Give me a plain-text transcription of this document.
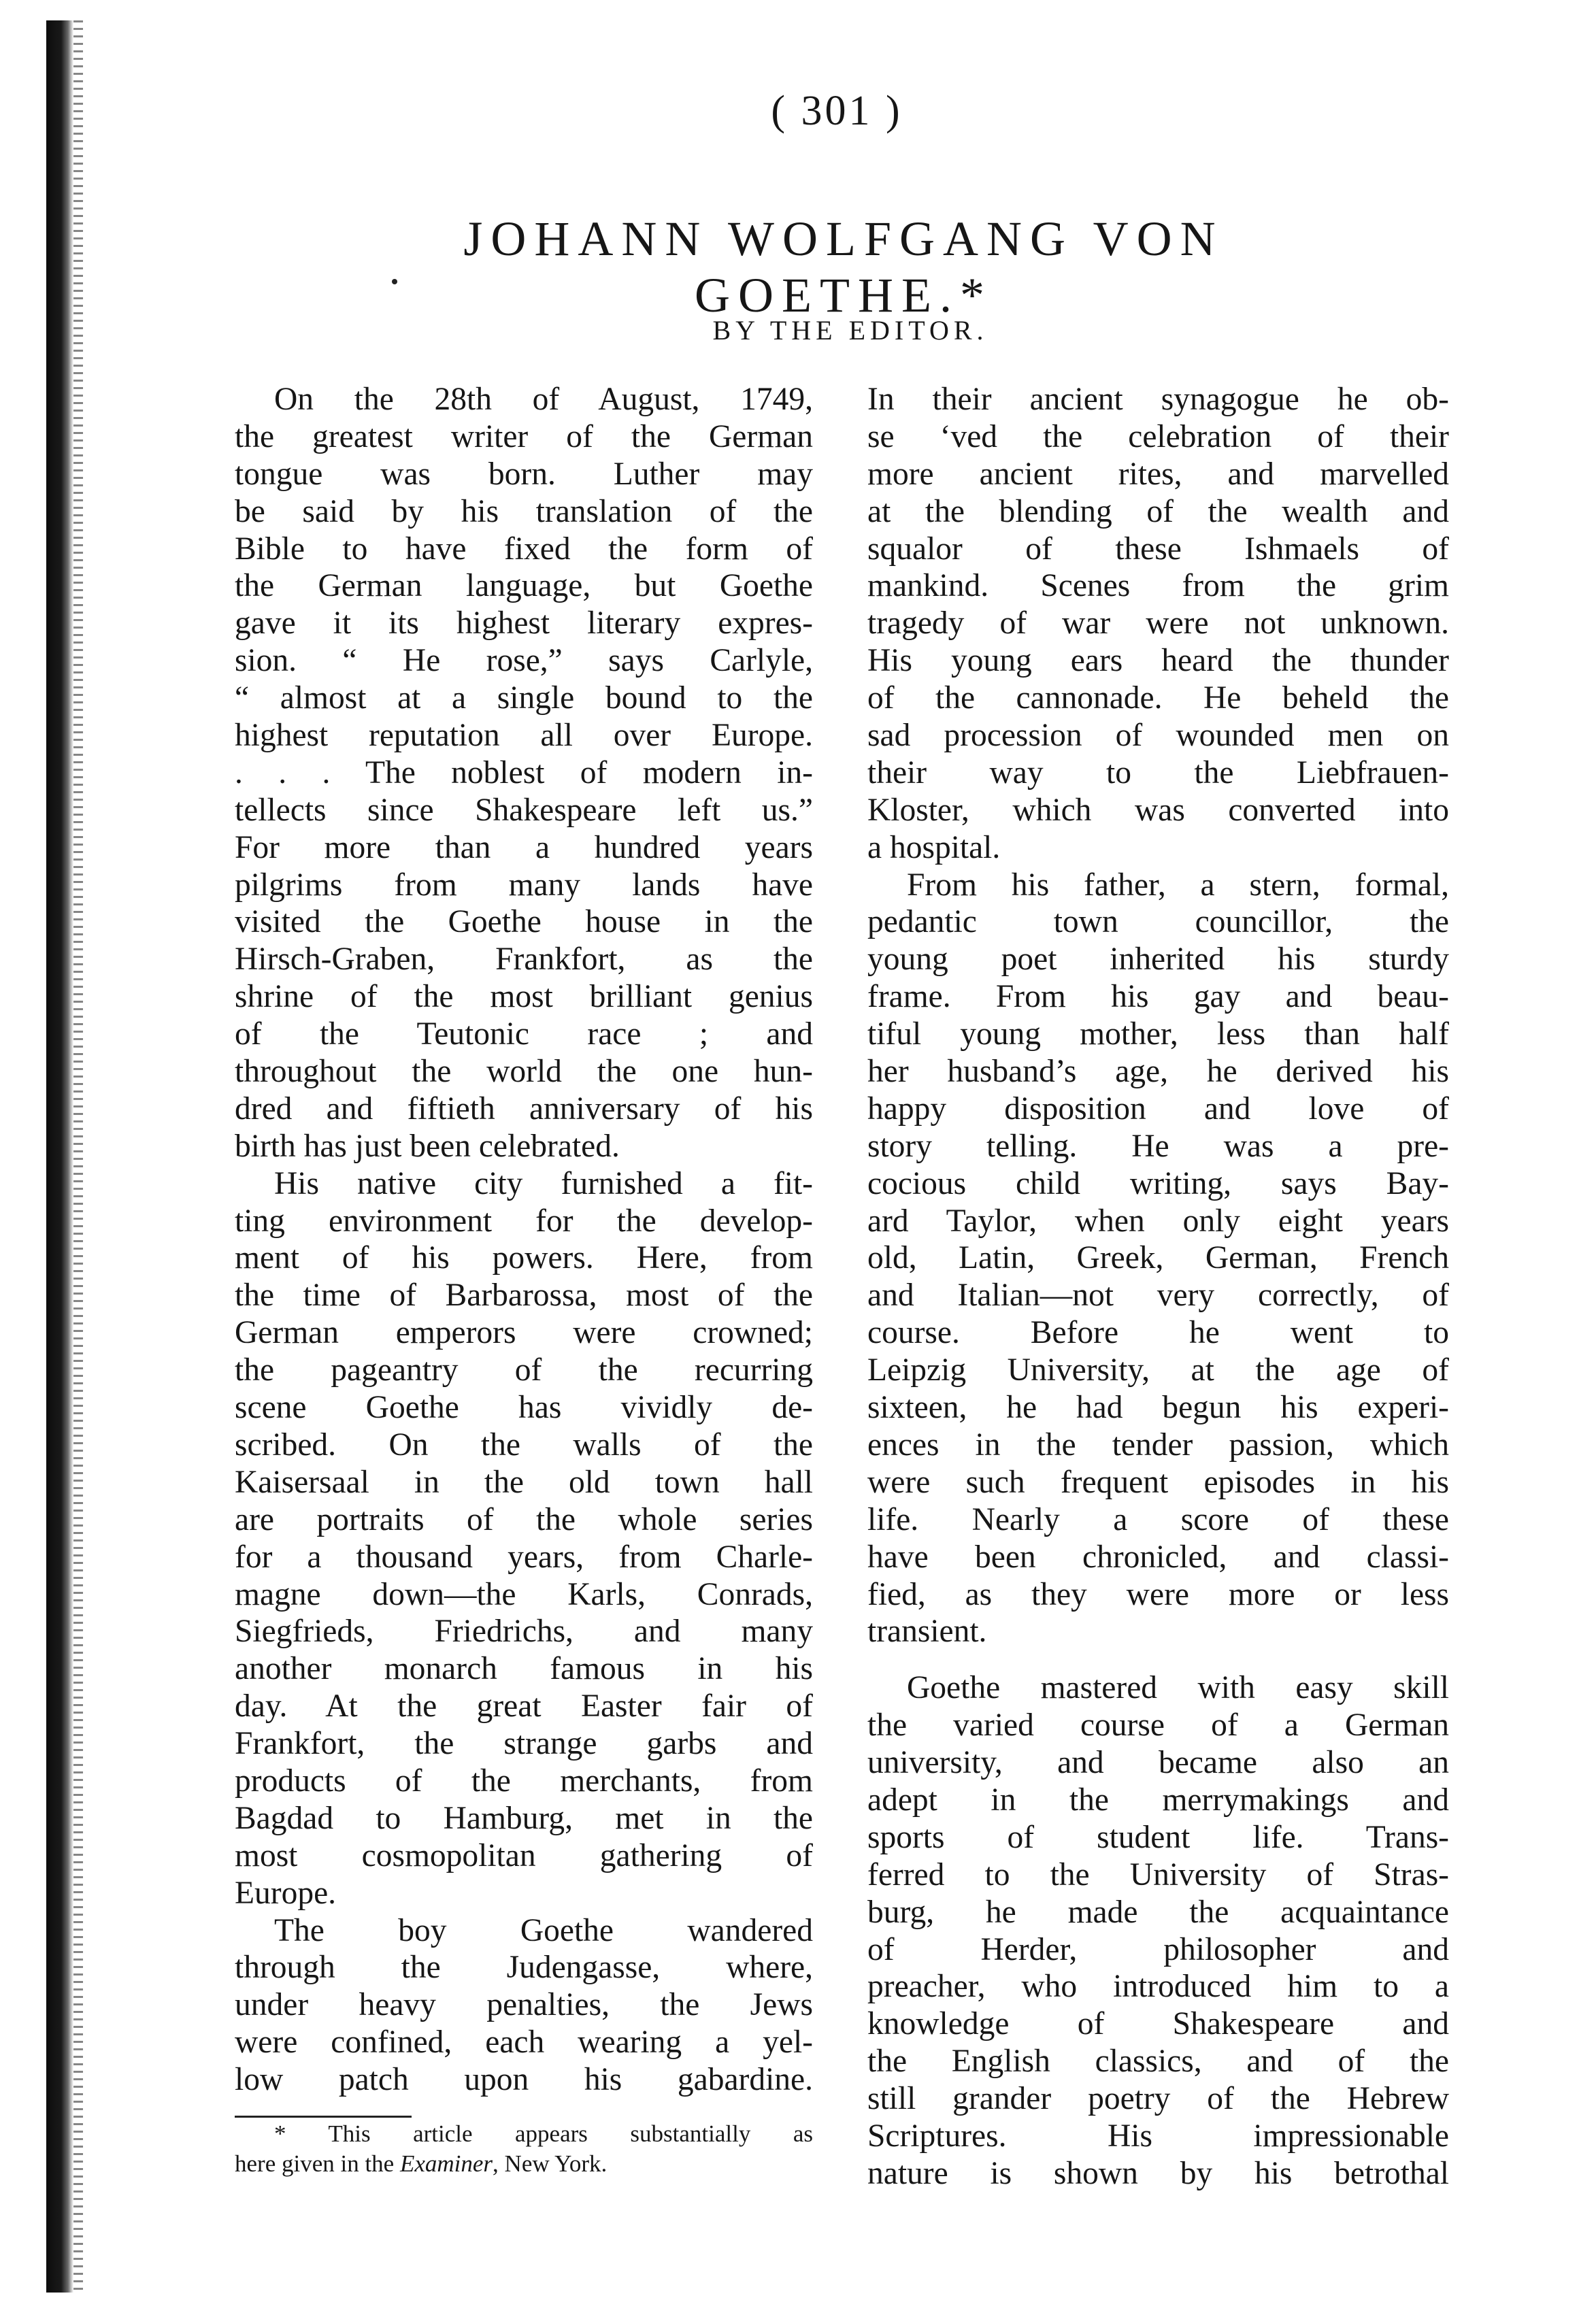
( 301 )
JOHANN WOLFGANG VON GOETHE.*
BY THE EDITOR.
On the 28th of August, 1749,
the greatest writer of the German
tongue was born. Luther may
be said by his translation of the
Bible to have fixed the form of
the German language, but Goethe
gave it its highest literary expres-
sion. “ He rose,” says Carlyle,
“ almost at a single bound to the
highest reputation all over Europe.
. . . The noblest of modern in-
tellects since Shakespeare left us.”
For more than a hundred years
pilgrims from many lands have
visited the Goethe house in the
Hirsch-Graben, Frankfort, as the
shrine of the most brilliant genius
of the Teutonic race ; and
throughout the world the one hun-
dred and fiftieth anniversary of his
birth has just been celebrated.
His native city furnished a fit-
ting environment for the develop-
ment of his powers. Here, from
the time of Barbarossa, most of the
German emperors were crowned;
the pageantry of the recurring
scene Goethe has vividly de-
scribed. On the walls of the
Kaisersaal in the old town hall
are portraits of the whole series
for a thousand years, from Charle-
magne down—the Karls, Conrads,
Siegfrieds, Friedrichs, and many
another monarch famous in his
day. At the great Easter fair of
Frankfort, the strange garbs and
products of the merchants, from
Bagdad to Hamburg, met in the
most cosmopolitan gathering of
Europe.
The boy Goethe wandered
through the Judengasse, where,
under heavy penalties, the Jews
were confined, each wearing a yel-
low patch upon his gabardine.
In their ancient synagogue he ob-
se ‘ved the celebration of their
more ancient rites, and marvelled
at the blending of the wealth and
squalor of these Ishmaels of
mankind. Scenes from the grim
tragedy of war were not unknown.
His young ears heard the thunder
of the cannonade. He beheld the
sad procession of wounded men on
their way to the Liebfrauen-
Kloster, which was converted into
a hospital.
From his father, a stern, formal,
pedantic town councillor, the
young poet inherited his sturdy
frame. From his gay and beau-
tiful young mother, less than half
her husband’s age, he derived his
happy disposition and love of
story telling. He was a pre-
cocious child writing, says Bay-
ard Taylor, when only eight years
old, Latin, Greek, German, French
and Italian—not very correctly, of
course. Before he went to
Leipzig University, at the age of
sixteen, he had begun his experi-
ences in the tender passion, which
were such frequent episodes in his
life. Nearly a score of these
have been chronicled, and classi-
fied, as they were more or less
transient.
Goethe mastered with easy skill
the varied course of a German
university, and became also an
adept in the merrymakings and
sports of student life. Trans-
ferred to the University of Stras-
burg, he made the acquaintance
of Herder, philosopher and
preacher, who introduced him to a
knowledge of Shakespeare and
the English classics, and of the
still grander poetry of the Hebrew
Scriptures. His impressionable
nature is shown by his betrothal
* This article appears substantially as
here given in the Examiner, New York.
